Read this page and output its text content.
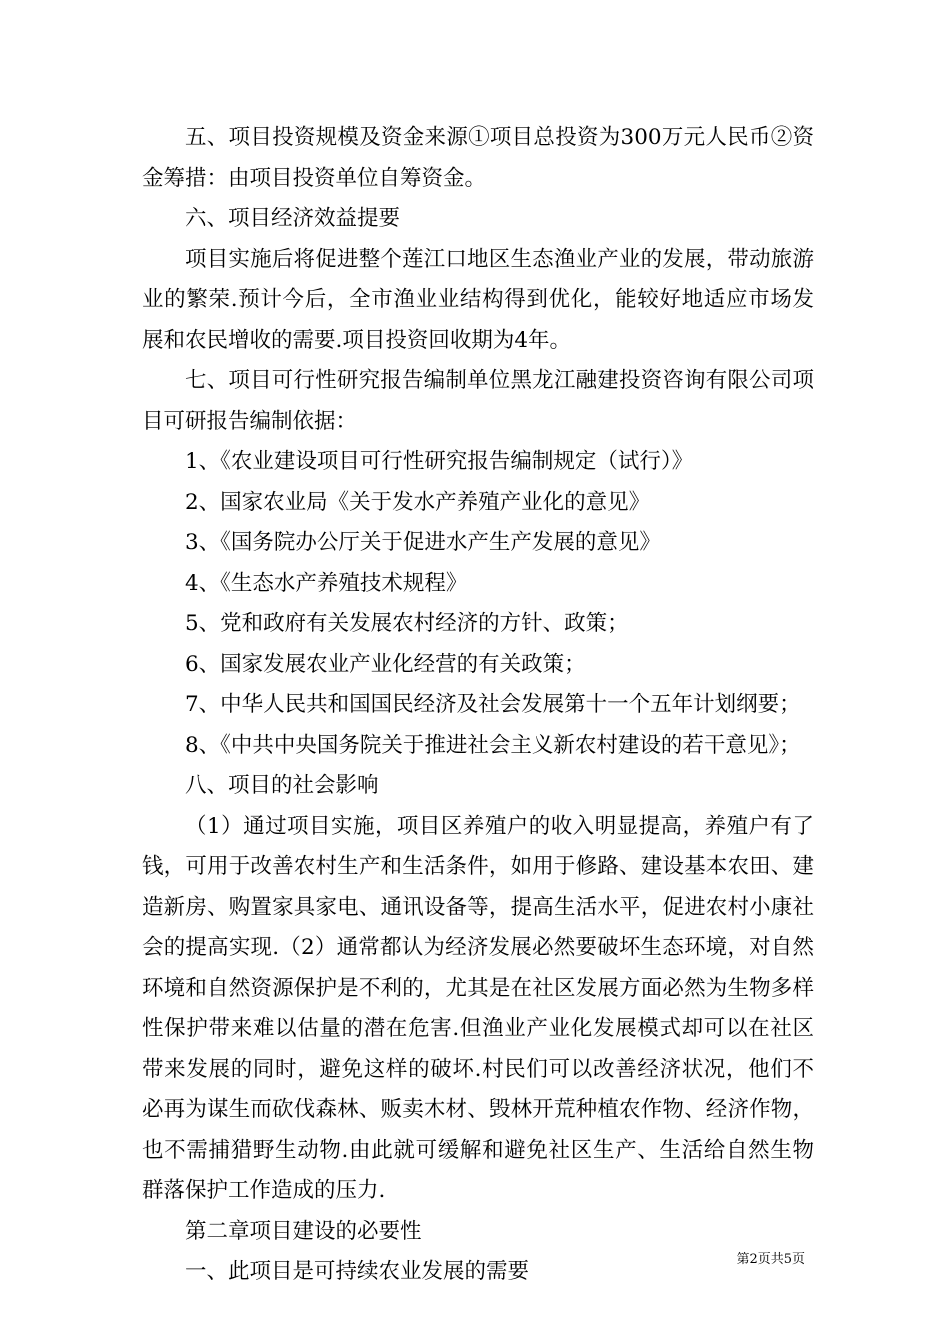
五、项目投资规模及资金来源①项目总投资为300万元人民币②资金筹措：由项目投资单位自筹资金。

六、项目经济效益提要

项目实施后将促进整个莲江口地区生态渔业产业的发展，带动旅游业的繁荣.预计今后，全市渔业业结构得到优化，能较好地适应市场发展和农民增收的需要.项目投资回收期为4年。

七、项目可行性研究报告编制单位黑龙江融建投资咨询有限公司项目可研报告编制依据：

1、《农业建设项目可行性研究报告编制规定（试行）》

2、国家农业局《关于发水产养殖产业化的意见》

3、《国务院办公厅关于促进水产生产发展的意见》

4、《生态水产养殖技术规程》

5、党和政府有关发展农村经济的方针、政策；

6、国家发展农业产业化经营的有关政策；

7、中华人民共和国国民经济及社会发展第十一个五年计划纲要；

8、《中共中央国务院关于推进社会主义新农村建设的若干意见》；

八、项目的社会影响

（1）通过项目实施，项目区养殖户的收入明显提高，养殖户有了钱，可用于改善农村生产和生活条件，如用于修路、建设基本农田、建造新房、购置家具家电、通讯设备等，提高生活水平，促进农村小康社会的提高实现.（2）通常都认为经济发展必然要破坏生态环境，对自然环境和自然资源保护是不利的，尤其是在社区发展方面必然为生物多样性保护带来难以估量的潜在危害.但渔业产业化发展模式却可以在社区带来发展的同时，避免这样的破坏.村民们可以改善经济状况，他们不必再为谋生而砍伐森林、贩卖木材、毁林开荒种植农作物、经济作物，也不需捕猎野生动物.由此就可缓解和避免社区生产、生活给自然生物群落保护工作造成的压力.

第二章项目建设的必要性

一、此项目是可持续农业发展的需要	第2页共5页
